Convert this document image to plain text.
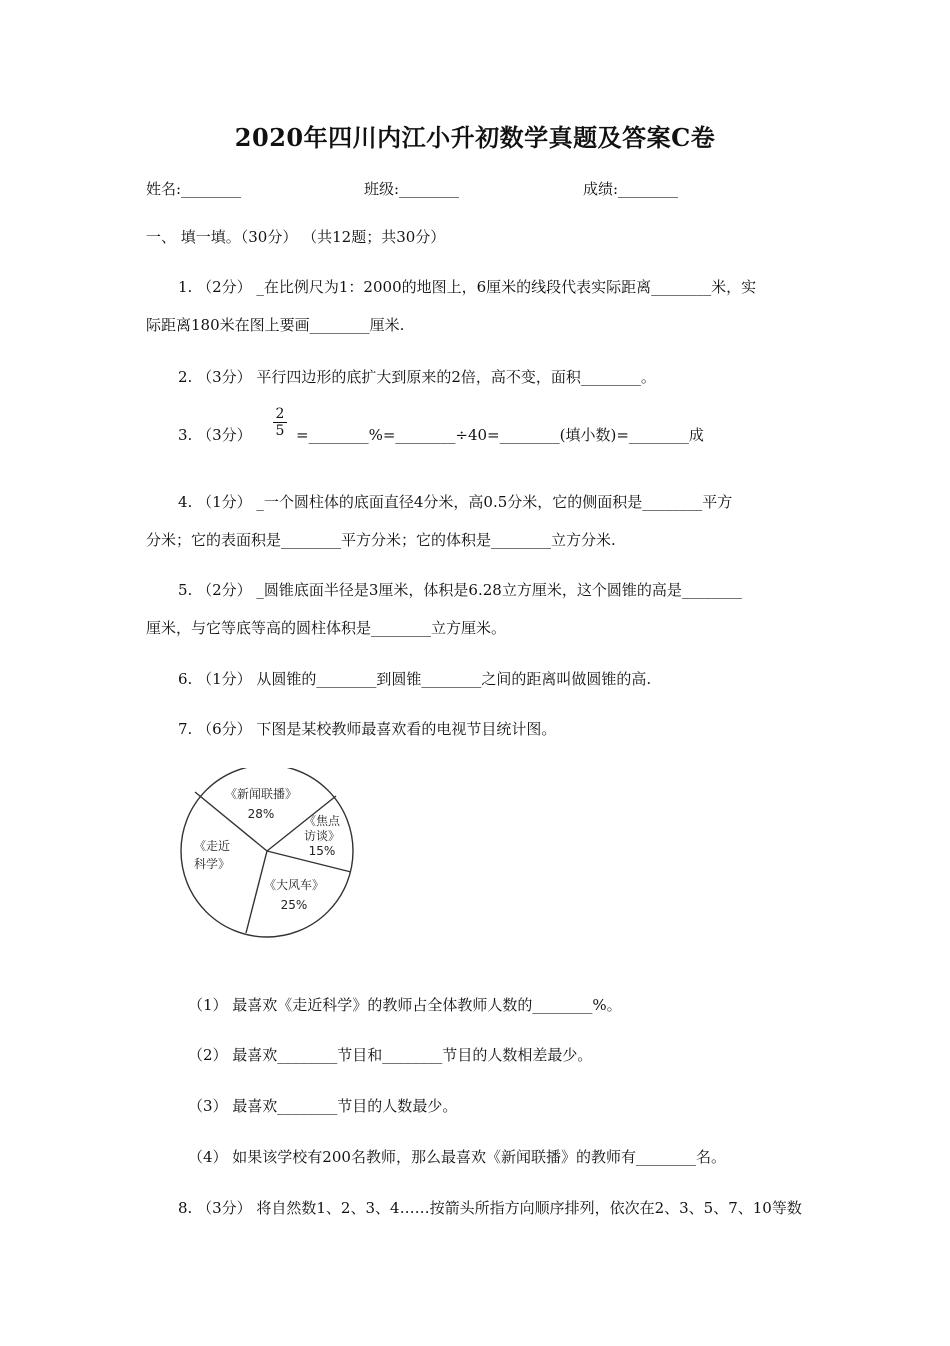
2020年四川内江小升初数学真题及答案C卷
姓名:________	班级:________	成绩:________
一、 填一填。（30分） （共12题；共30分）
1. （2分） _在比例尺为1：2000的地图上，6厘米的线段代表实际距离________米，实
际距离180米在图上要画________厘米.
2. （3分） 平行四边形的底扩大到原来的2倍，高不变，面积________。
3. （3分）
2
5 =________%=________÷40=________(填小数)=________成
4. （1分） _一个圆柱体的底面直径4分米，高0.5分米，它的侧面积是________平方
分米；它的表面积是________平方分米；它的体积是________立方分米.
5. （2分） _圆锥底面半径是3厘米，体积是6.28立方厘米，这个圆锥的高是________
厘米，与它等底等高的圆柱体积是________立方厘米。
6. （1分） 从圆锥的________到圆锥________之间的距离叫做圆锥的高.
7. （6分） 下图是某校教师最喜欢看的电视节目统计图。
《新闻联播》
28% 《焦点
访谈》
15%
《大风车》
25%
《走近
科学》
（1） 最喜欢《走近科学》的教师占全体教师人数的________%。
（2） 最喜欢________节目和________节目的人数相差最少。
（3） 最喜欢________节目的人数最少。
（4） 如果该学校有200名教师，那么最喜欢《新闻联播》的教师有________名。
8. （3分） 将自然数1、2、3、4……按箭头所指方向顺序排列，依次在2、3、5、7、10等数
